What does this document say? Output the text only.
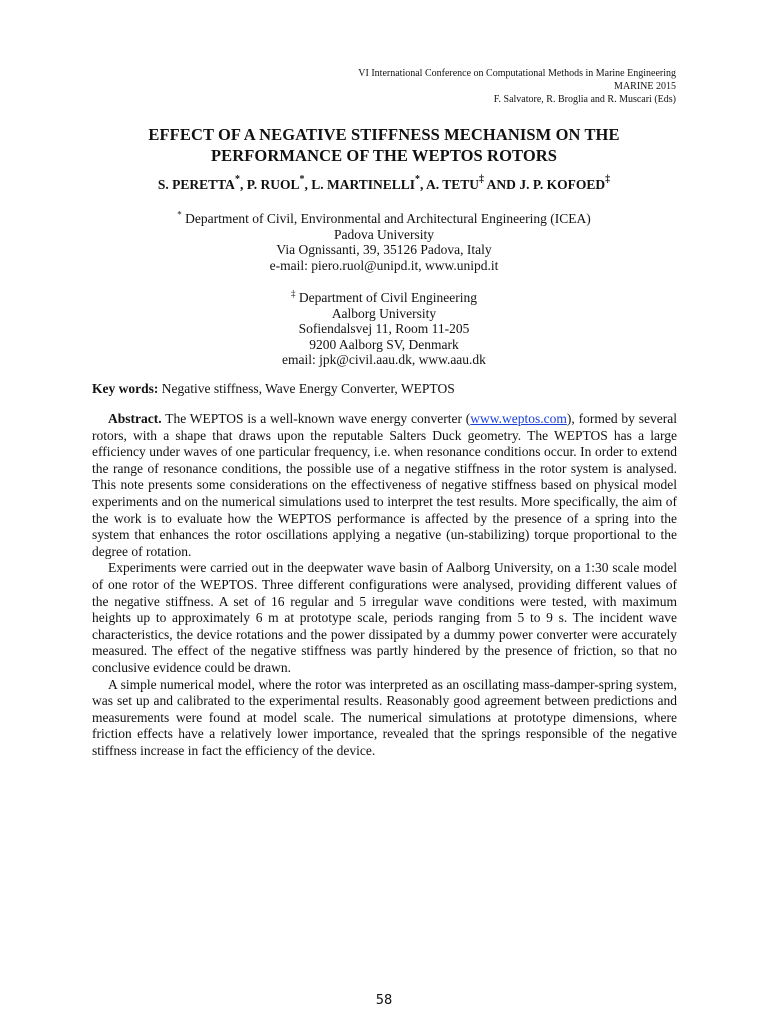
VI International Conference on Computational Methods in Marine Engineering
MARINE 2015
F. Salvatore, R. Broglia and R. Muscari (Eds)
EFFECT OF A NEGATIVE STIFFNESS MECHANISM ON THE
PERFORMANCE OF THE WEPTOS ROTORS
S. PERETTA*, P. RUOL*, L. MARTINELLI*, A. TETU‡ AND J. P. KOFOED‡
* Department of Civil, Environmental and Architectural Engineering (ICEA)
Padova University
Via Ognissanti, 39, 35126 Padova, Italy
e-mail: piero.ruol@unipd.it, www.unipd.it
‡ Department of Civil Engineering
Aalborg University
Sofiendalsvej 11, Room 11-205
9200 Aalborg SV, Denmark
email: jpk@civil.aau.dk, www.aau.dk
Key words: Negative stiffness, Wave Energy Converter, WEPTOS

Abstract. The WEPTOS is a well-known wave energy converter (www.weptos.com), formed by several rotors, with a shape that draws upon the reputable Salters Duck geometry. The WEPTOS has a large efficiency under waves of one particular frequency, i.e. when resonance conditions occur. In order to extend the range of resonance conditions, the possible use of a negative stiffness in the rotor system is analysed. This note presents some considerations on the effectiveness of negative stiffness based on physical model experiments and on the numerical simulations used to interpret the test results. More specifically, the aim of the work is to evaluate how the WEPTOS performance is affected by the presence of a spring into the system that enhances the rotor oscillations applying a negative (un-stabilizing) torque proportional to the degree of rotation.

Experiments were carried out in the deepwater wave basin of Aalborg University, on a 1:30 scale model of one rotor of the WEPTOS. Three different configurations were analysed, providing different values of the negative stiffness. A set of 16 regular and 5 irregular wave conditions were tested, with maximum heights up to approximately 6 m at prototype scale, periods ranging from 5 to 9 s. The incident wave characteristics, the device rotations and the power dissipated by a dummy power converter were accurately measured. The effect of the negative stiffness was partly hindered by the presence of friction, so that no conclusive evidence could be drawn.

A simple numerical model, where the rotor was interpreted as an oscillating mass-damper-spring system, was set up and calibrated to the experimental results. Reasonably good agreement between predictions and measurements were found at model scale. The numerical simulations at prototype dimensions, where friction effects have a relatively lower importance, revealed that the springs responsible of the negative stiffness increase in fact the efficiency of the device.

58
